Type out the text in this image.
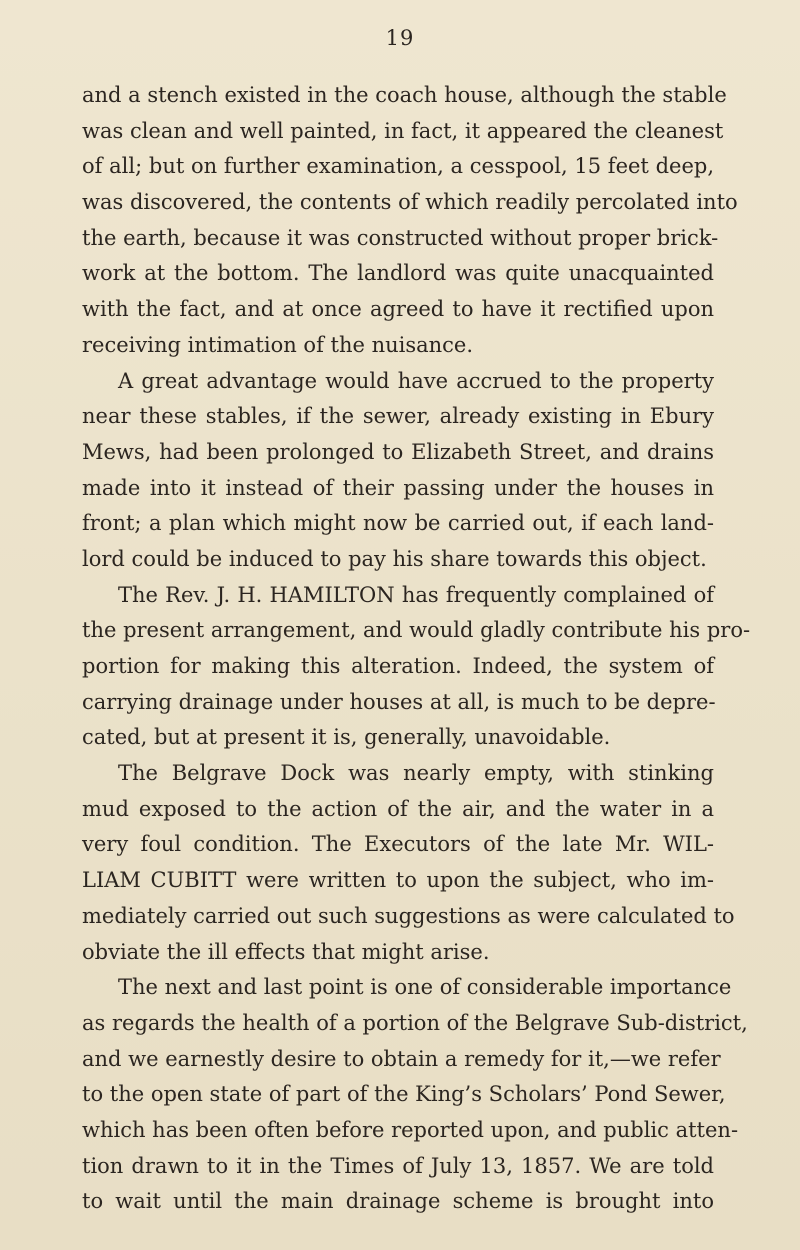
19
and a stench existed in the coach house, although the stable
was clean and well painted, in fact, it appeared the cleanest
of all; but on further examination, a cesspool, 15 feet deep,
was discovered, the contents of which readily percolated into
the earth, because it was constructed without proper brick-
work at the bottom. The landlord was quite unacquainted
with the fact, and at once agreed to have it rectified upon
receiving intimation of the nuisance.
A great advantage would have accrued to the property
near these stables, if the sewer, already existing in Ebury
Mews, had been prolonged to Elizabeth Street, and drains
made into it instead of their passing under the houses in
front; a plan which might now be carried out, if each land-
lord could be induced to pay his share towards this object.
The Rev. J. H. HAMILTON has frequently complained of
the present arrangement, and would gladly contribute his pro-
portion for making this alteration. Indeed, the system of
carrying drainage under houses at all, is much to be depre-
cated, but at present it is, generally, unavoidable.
The Belgrave Dock was nearly empty, with stinking
mud exposed to the action of the air, and the water in a
very foul condition. The Executors of the late Mr. WIL-
LIAM CUBITT were written to upon the subject, who im-
mediately carried out such suggestions as were calculated to
obviate the ill effects that might arise.
The next and last point is one of considerable importance
as regards the health of a portion of the Belgrave Sub-district,
and we earnestly desire to obtain a remedy for it,—we refer
to the open state of part of the King’s Scholars’ Pond Sewer,
which has been often before reported upon, and public atten-
tion drawn to it in the Times of July 13, 1857. We are told
to wait until the main drainage scheme is brought into
